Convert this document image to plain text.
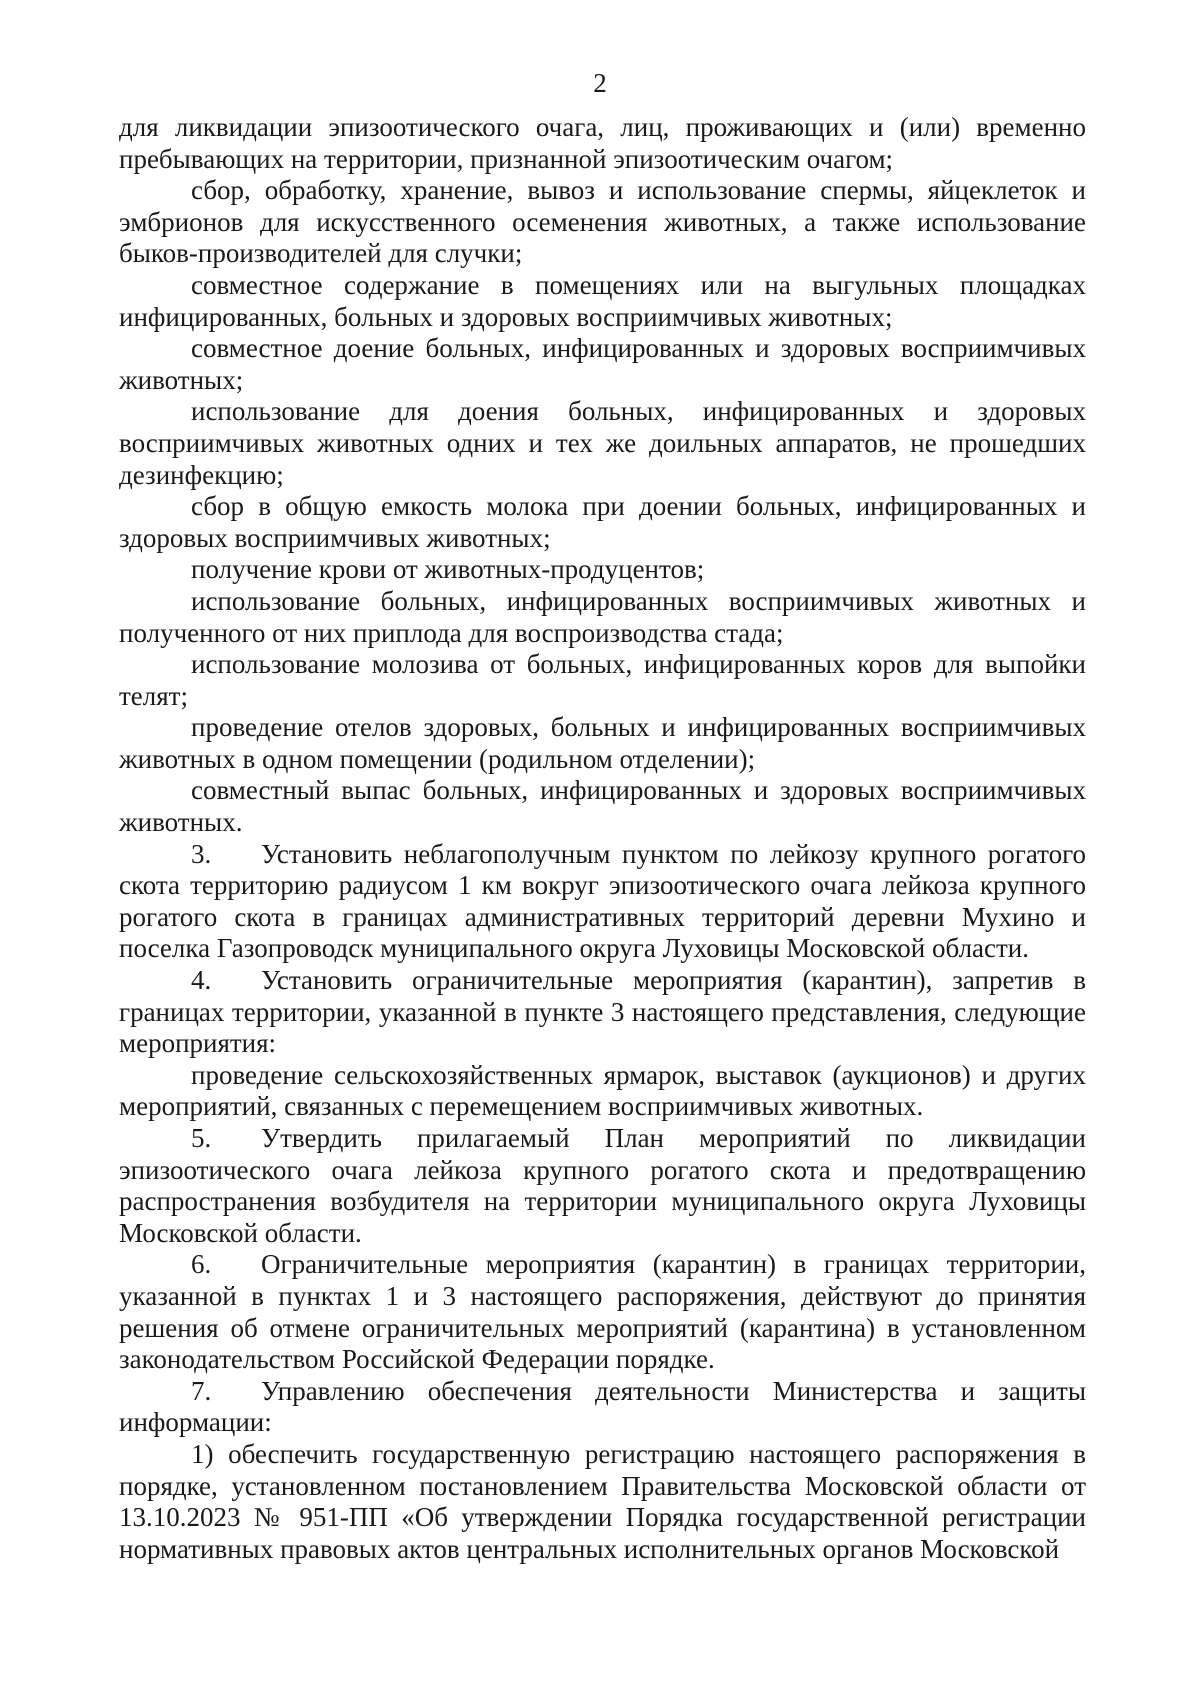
2

для ликвидации эпизоотического очага, лиц, проживающих и (или) временно пребывающих на территории, признанной эпизоотическим очагом;

сбор, обработку, хранение, вывоз и использование спермы, яйцеклеток и эмбрионов для искусственного осеменения животных, а также использование быков-производителей для случки;

совместное содержание в помещениях или на выгульных площадках инфицированных, больных и здоровых восприимчивых животных;

совместное доение больных, инфицированных и здоровых восприимчивых животных;

использование для доения больных, инфицированных и здоровых восприимчивых животных одних и тех же доильных аппаратов, не прошедших дезинфекцию;

сбор в общую емкость молока при доении больных, инфицированных и здоровых восприимчивых животных;

получение крови от животных-продуцентов;

использование больных, инфицированных восприимчивых животных и полученного от них приплода для воспроизводства стада;

использование молозива от больных, инфицированных коров для выпойки телят;

проведение отелов здоровых, больных и инфицированных восприимчивых животных в одном помещении (родильном отделении);

совместный выпас больных, инфицированных и здоровых восприимчивых животных.

3. Установить неблагополучным пунктом по лейкозу крупного рогатого скота территорию радиусом 1 км вокруг эпизоотического очага лейкоза крупного рогатого скота в границах административных территорий деревни Мухино и поселка Газопроводск муниципального округа Луховицы Московской области.

4. Установить ограничительные мероприятия (карантин), запретив в границах территории, указанной в пункте 3 настоящего представления, следующие мероприятия:

проведение сельскохозяйственных ярмарок, выставок (аукционов) и других мероприятий, связанных с перемещением восприимчивых животных.

5. Утвердить прилагаемый План мероприятий по ликвидации эпизоотического очага лейкоза крупного рогатого скота и предотвращению распространения возбудителя на территории муниципального округа Луховицы Московской области.

6. Ограничительные мероприятия (карантин) в границах территории, указанной в пунктах 1 и 3 настоящего распоряжения, действуют до принятия решения об отмене ограничительных мероприятий (карантина) в установленном законодательством Российской Федерации порядке.

7. Управлению обеспечения деятельности Министерства и защиты информации:

1) обеспечить государственную регистрацию настоящего распоряжения в порядке, установленном постановлением Правительства Московской области от 13.10.2023 № 951-ПП «Об утверждении Порядка государственной регистрации нормативных правовых актов центральных исполнительных органов Московской
